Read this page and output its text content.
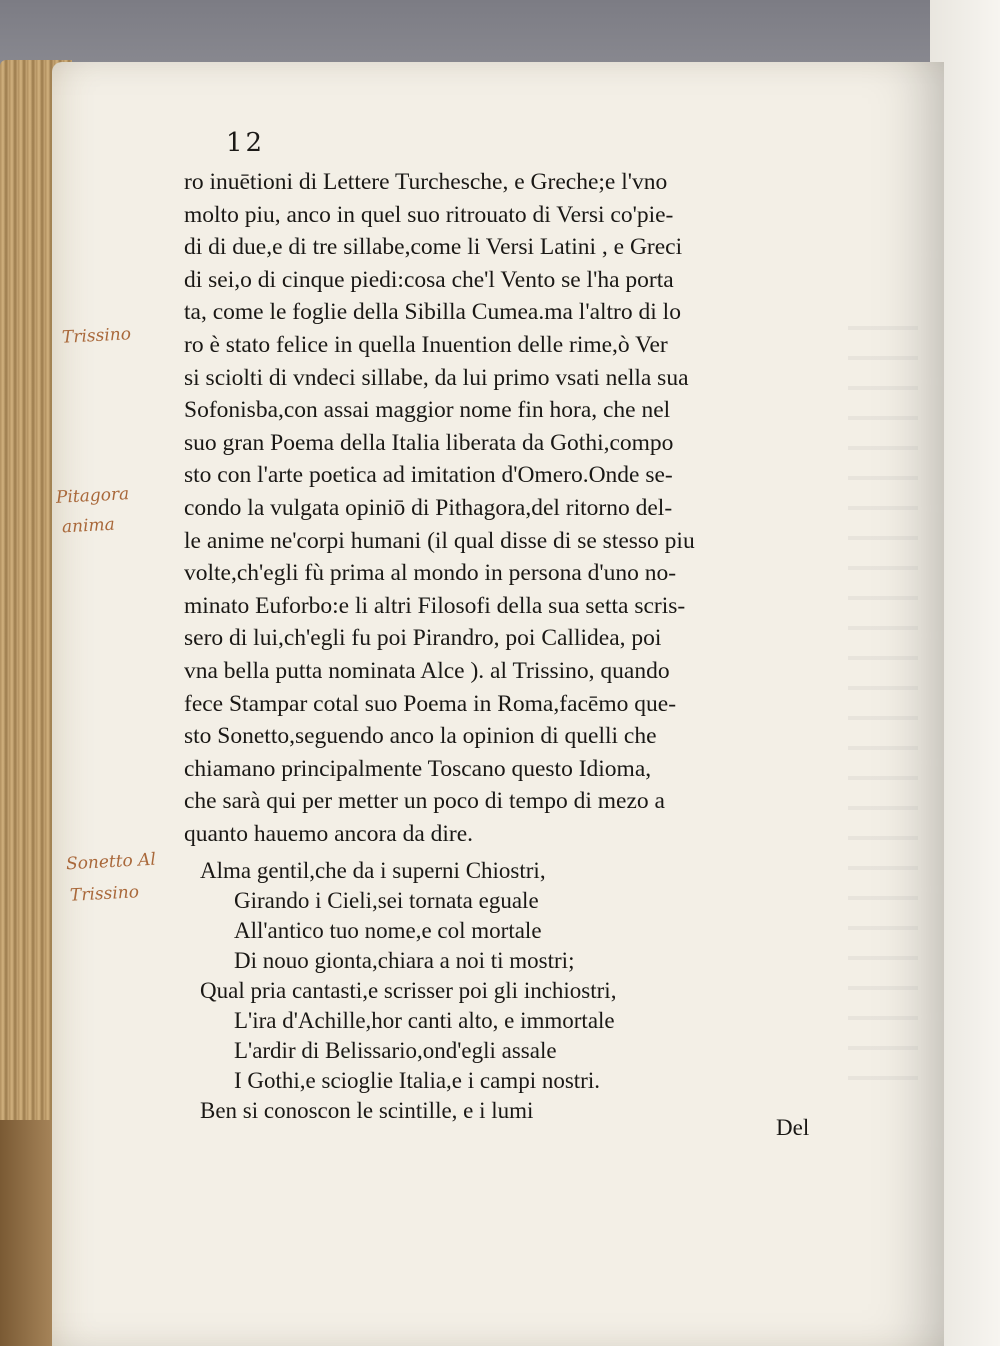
12
ro inuētioni di Lettere Turchesche, e Greche;e l'vno
molto piu, anco in quel suo ritrouato di Versi co'pie-
di di due,e di tre sillabe,come li Versi Latini , e Greci
di sei,o di cinque piedi:cosa che'l Vento se l'ha porta
ta, come le foglie della Sibilla Cumea.ma l'altro di lo
ro è stato felice in quella Inuention delle rime,ò Ver
si sciolti di vndeci sillabe, da lui primo vsati nella sua
Sofonisba,con assai maggior nome fin hora, che nel
suo gran Poema della Italia liberata da Gothi,compo
sto con l'arte poetica ad imitation d'Omero.Onde se-
condo la vulgata opiniō di Pithagora,del ritorno del-
le anime ne'corpi humani (il qual disse di se stesso piu
volte,ch'egli fù prima al mondo in persona d'uno no-
minato Euforbo:e li altri Filosofi della sua setta scris-
sero di lui,ch'egli fu poi Pirandro, poi Callidea, poi
vna bella putta nominata Alce ). al Trissino, quando
fece Stampar cotal suo Poema in Roma,facēmo que-
sto Sonetto,seguendo anco la opinion di quelli che
chiamano principalmente Toscano questo Idioma,
che sarà qui per metter un poco di tempo di mezo a
quanto hauemo ancora da dire.
Alma gentil,che da i superni Chiostri,
Girando i Cieli,sei tornata eguale
All'antico tuo nome,e col mortale
Di nouo gionta,chiara a noi ti mostri;
Qual pria cantasti,e scrisser poi gli inchiostri,
L'ira d'Achille,hor canti alto, e immortale
L'ardir di Belissario,ond'egli assale
I Gothi,e scioglie Italia,e i campi nostri.
Ben si conoscon le scintille, e i lumi
Del
Trissino
Pitagora
anima
Sonetto Al
Trissino
